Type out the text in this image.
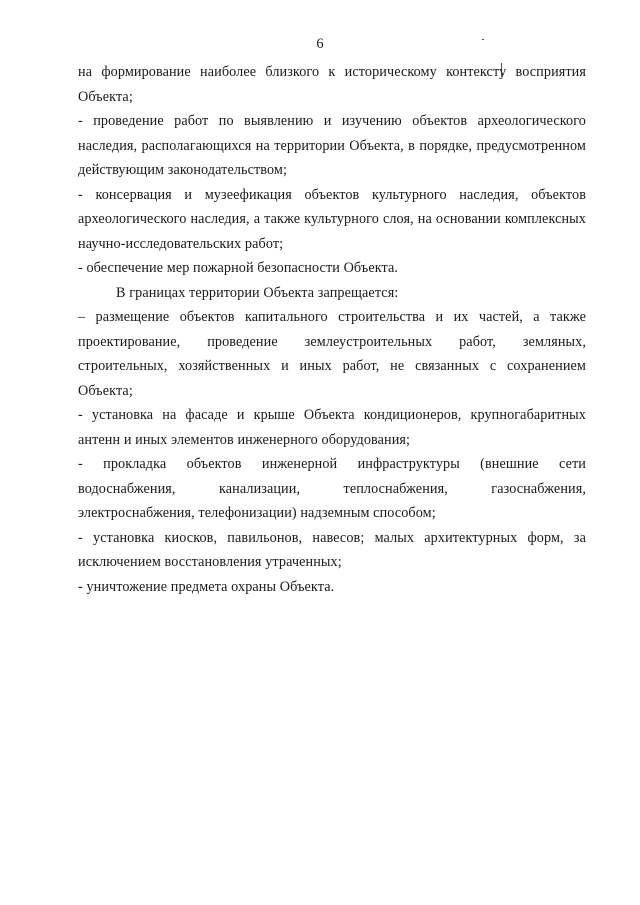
6

на формирование наиболее близкого к историческому контексту восприятия Объекта;

- проведение работ по выявлению и изучению объектов археологического наследия, располагающихся на территории Объекта, в порядке, предусмотренном действующим законодательством;

- консервация и музеефикация объектов культурного наследия, объектов археологического наследия, а также культурного слоя, на основании комплексных научно-исследовательских работ;

- обеспечение мер пожарной безопасности Объекта.

В границах территории Объекта запрещается:

– размещение объектов капитального строительства и их частей, а также проектирование, проведение землеустроительных работ, земляных, строительных, хозяйственных и иных работ, не связанных с сохранением Объекта;

- установка на фасаде и крыше Объекта кондиционеров, крупногабаритных антенн и иных элементов инженерного оборудования;

- прокладка объектов инженерной инфраструктуры (внешние сети водоснабжения, канализации, теплоснабжения, газоснабжения, электроснабжения, телефонизации) надземным способом;

- установка киосков, павильонов, навесов; малых архитектурных форм, за исключением восстановления утраченных;

- уничтожение предмета охраны Объекта.
